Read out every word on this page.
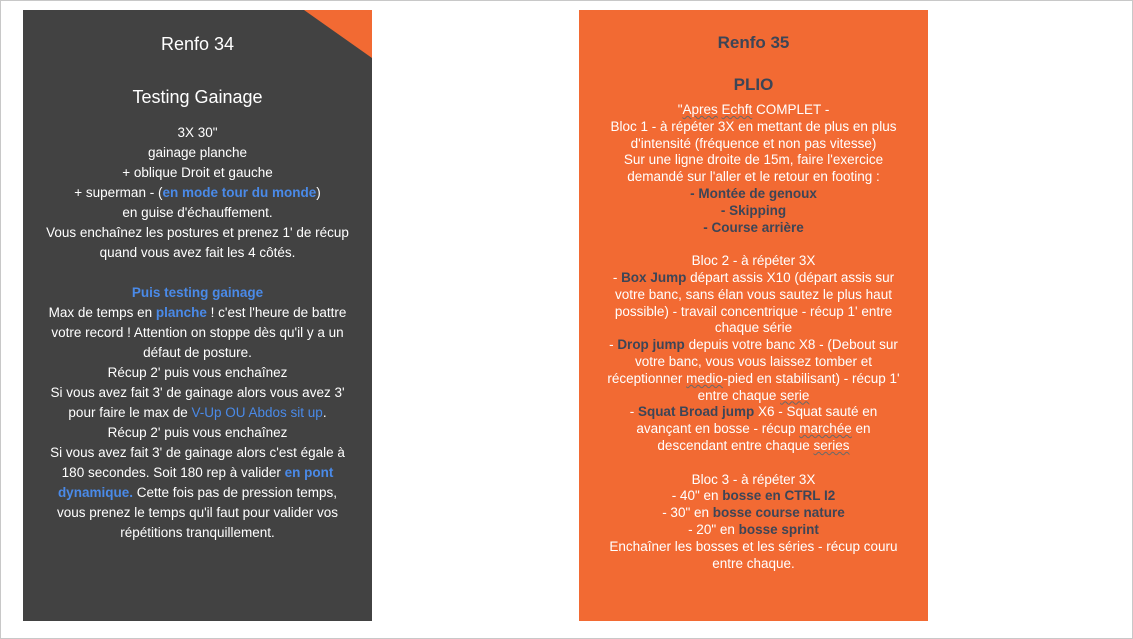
Renfo 34
Testing Gainage
3X 30"
gainage planche
+ oblique Droit et gauche
+ superman - (en mode tour du monde)
en guise d'échauffement.
Vous enchaînez les postures et prenez 1' de récup
quand vous avez fait les 4 côtés.
Puis testing gainage
Max de temps en planche ! c'est l'heure de battre
votre record ! Attention on stoppe dès qu'il y a un
défaut de posture.
Récup 2' puis vous enchaînez
Si vous avez fait 3' de gainage alors vous avez 3'
pour faire le max de V-Up OU Abdos sit up.
Récup 2' puis vous enchaînez
Si vous avez fait 3' de gainage alors c'est égale à
180 secondes. Soit 180 rep à valider en pont
dynamique. Cette fois pas de pression temps,
vous prenez le temps qu'il faut pour valider vos
répétitions tranquillement.
Renfo 35
PLIO
"Apres Echft COMPLET -
Bloc 1 - à répéter 3X en mettant de plus en plus
d'intensité (fréquence et non pas vitesse)
Sur une ligne droite de 15m, faire l'exercice
demandé sur l'aller et le retour en footing :
- Montée de genoux
- Skipping
- Course arrière
Bloc 2 - à répéter 3X
- Box Jump départ assis X10 (départ assis sur
votre banc, sans élan vous sautez le plus haut
possible) - travail concentrique - récup 1' entre
chaque série
- Drop jump depuis votre banc X8 - (Debout sur
votre banc, vous vous laissez tomber et
réceptionner medio-pied en stabilisant) - récup 1'
entre chaque serie
- Squat Broad jump X6 - Squat sauté en
avançant en bosse - récup marchée en
descendant entre chaque series
Bloc 3 - à répéter 3X
- 40" en bosse en CTRL I2
- 30" en bosse course nature
- 20" en bosse sprint
Enchaîner les bosses et les séries - récup couru
entre chaque.
